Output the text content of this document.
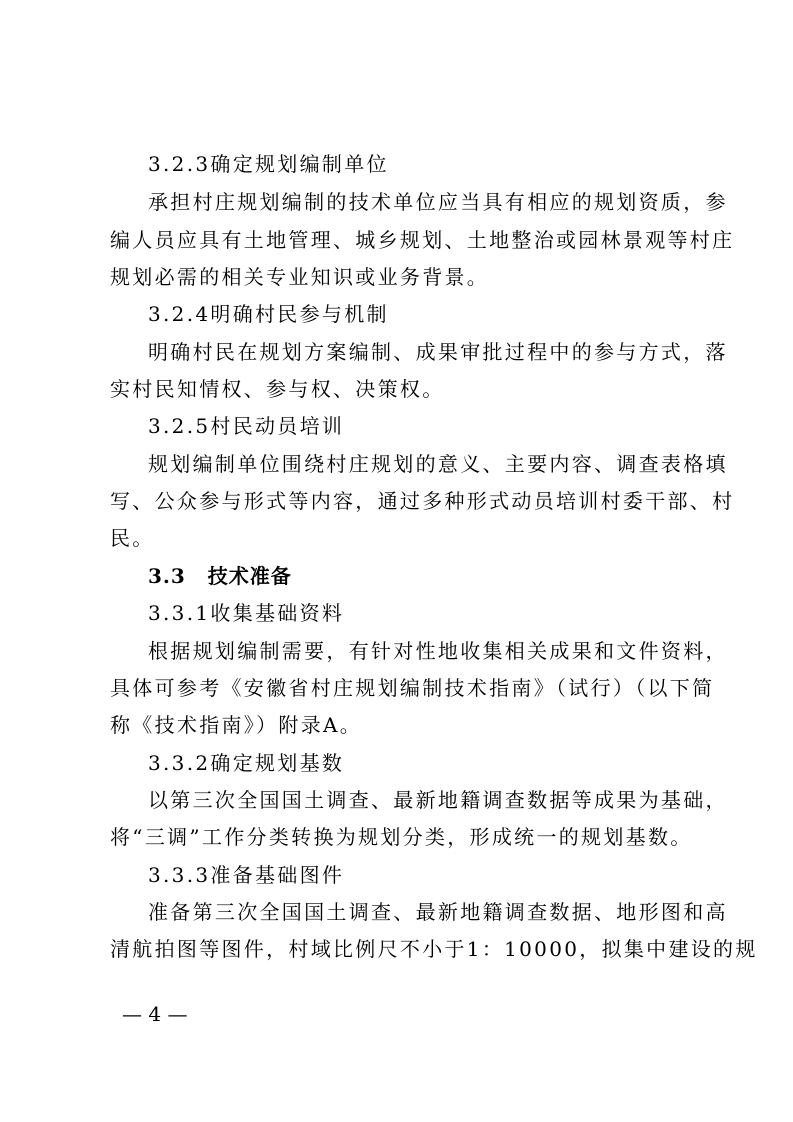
3.2.3确定规划编制单位
承担村庄规划编制的技术单位应当具有相应的规划资质，参
编人员应具有土地管理、城乡规划、土地整治或园林景观等村庄
规划必需的相关专业知识或业务背景。
3.2.4明确村民参与机制
明确村民在规划方案编制、成果审批过程中的参与方式，落
实村民知情权、参与权、决策权。
3.2.5村民动员培训
规划编制单位围绕村庄规划的意义、主要内容、调查表格填
写、公众参与形式等内容，通过多种形式动员培训村委干部、村
民。
3.3 技术准备
3.3.1收集基础资料
根据规划编制需要，有针对性地收集相关成果和文件资料，
具体可参考《安徽省村庄规划编制技术指南》（试行）（以下简
称《技术指南》）附录A。
3.3.2确定规划基数
以第三次全国国土调查、最新地籍调查数据等成果为基础，
将“三调”工作分类转换为规划分类，形成统一的规划基数。
3.3.3准备基础图件
准备第三次全国国土调查、最新地籍调查数据、地形图和高
清航拍图等图件，村域比例尺不小于1：10000，拟集中建设的规
— 4 —
